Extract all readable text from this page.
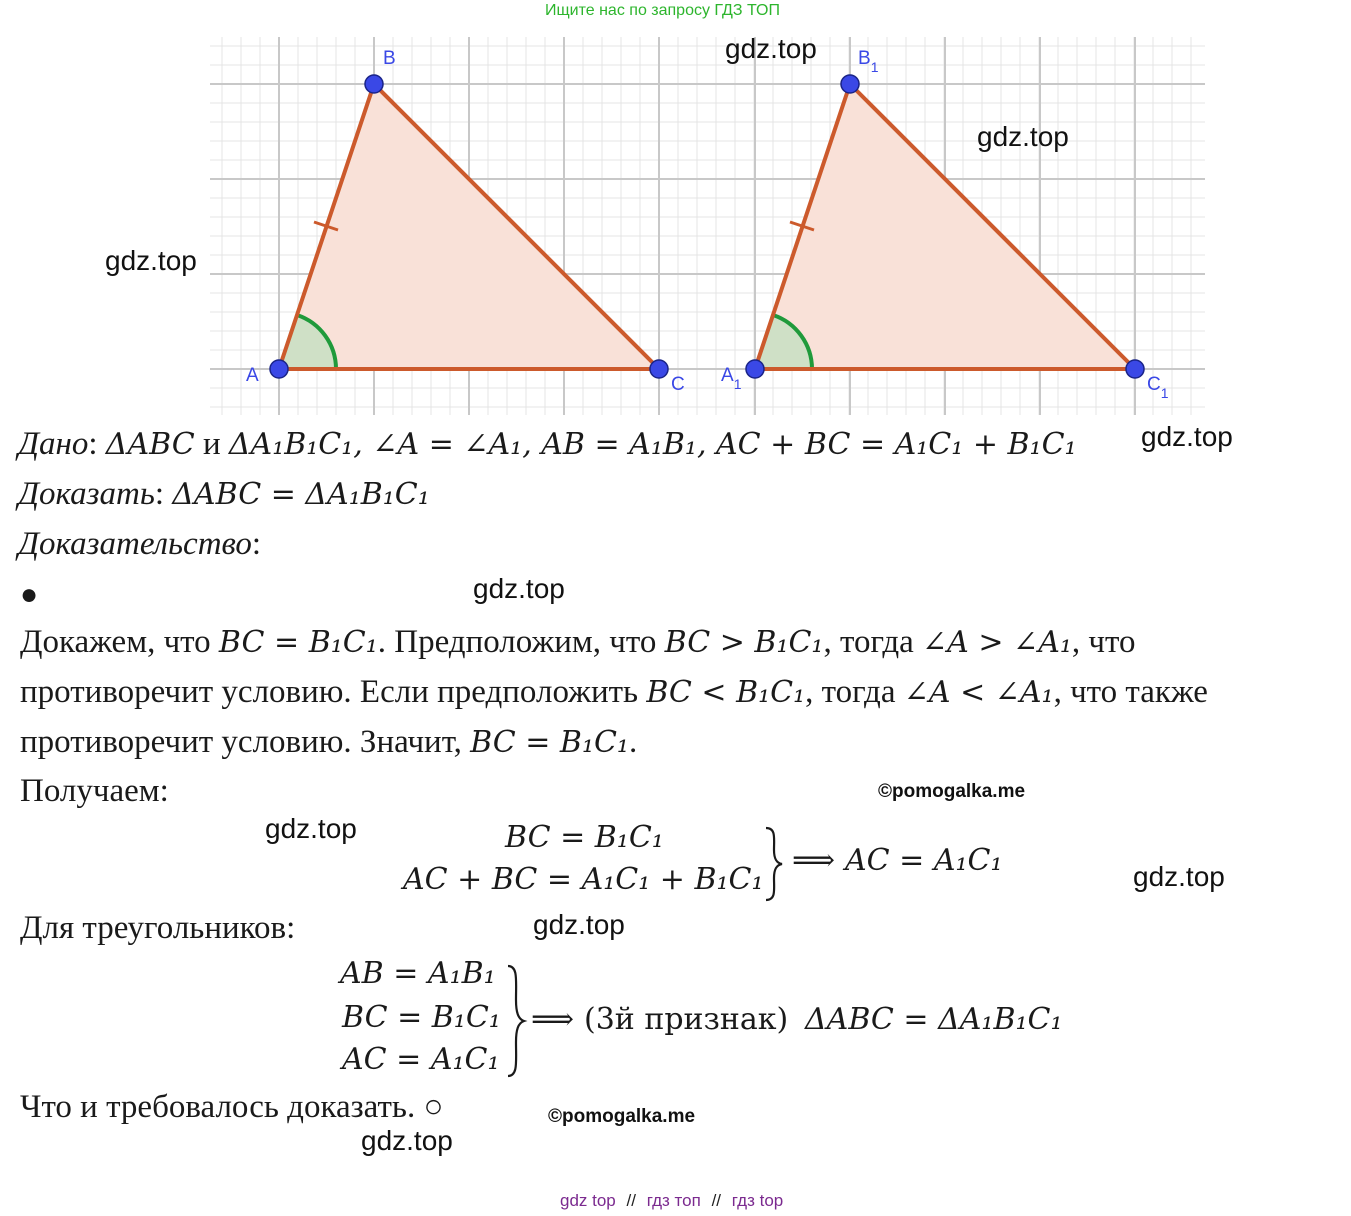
Ищите нас по запросу ГДЗ ТОП
A
B
C $A_1$
$B_1$
$C_1$
gdz.top
gdz.top
gdz.top
Дано: ΔABC и ΔA₁B₁C₁, ∠A = ∠A₁, AB = A₁B₁, AC + BC = A₁C₁ + B₁C₁ gdz.top
Доказать: ΔABC = ΔA₁B₁C₁
Доказательство:
●	gdz.top
Докажем, что BC = B₁C₁. Предположим, что BC > B₁C₁, тогда ∠A > ∠A₁, что
противоречит условию. Если предположить BC < B₁C₁, тогда ∠A < ∠A₁, что также
противоречит условию. Значит, BC = B₁C₁.
Получаем:	©pomogalka.me
gdz.top	BC = B₁C₁
AC + BC = A₁C₁ + B₁C₁
⟹ AC = A₁C₁	gdz.top
Для треугольников:	gdz.top
AB = A₁B₁
BC = B₁C₁
AC = A₁C₁
⟹ (3й признак) ΔABC = ΔA₁B₁C₁
Что и требовалось доказать. ○	©pomogalka.me
gdz.top
gdz top // гдз топ // гдз top
